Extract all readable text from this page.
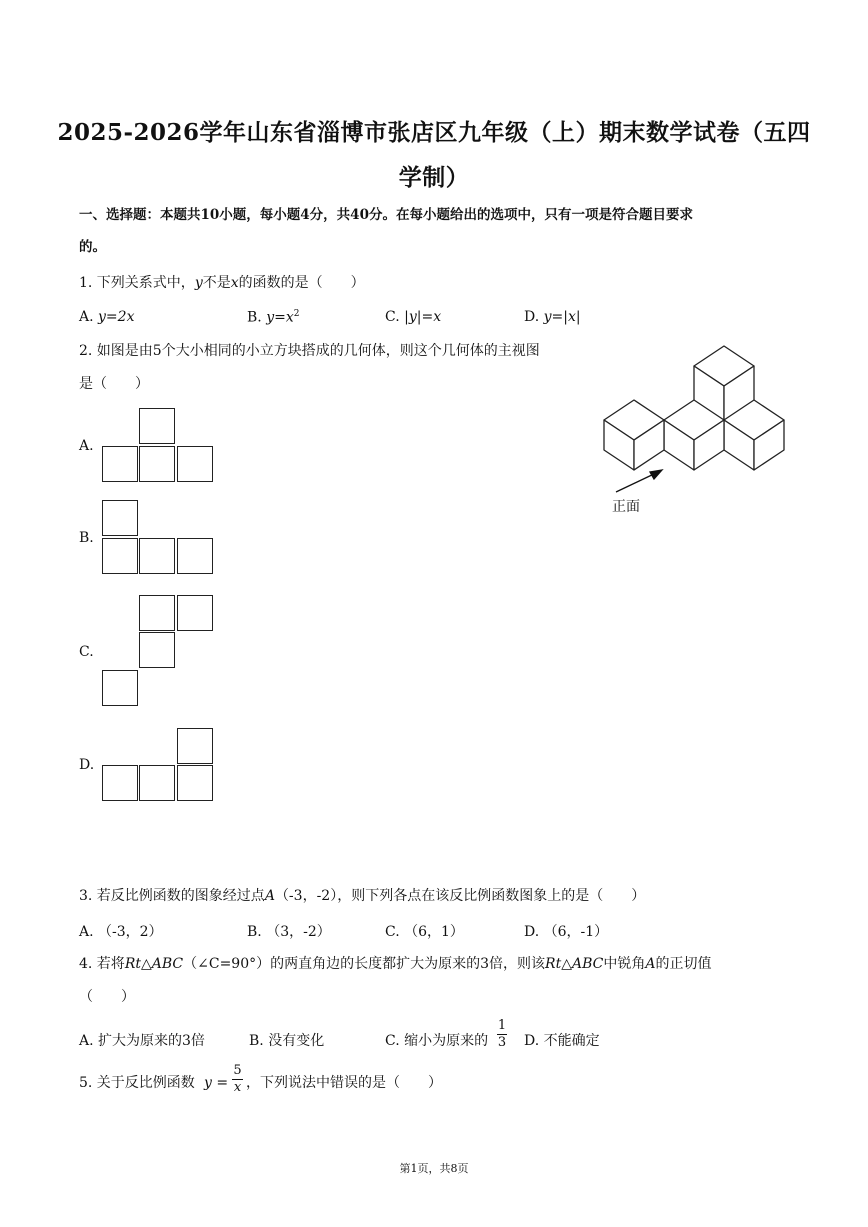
2025-2026学年山东省淄博市张店区九年级（上）期末数学试卷（五四
学制）
一、选择题：本题共10小题，每小题4分，共40分。在每小题给出的选项中，只有一项是符合题目要求
的。
1. 下列关系式中，y不是x的函数的是（　　）
A. y=2x	B. $y=x^2$	C. |y|=x	D. y=|x|
2. 如图是由5个大小相同的小立方块搭成的几何体，则这个几何体的主视图
是（　　）
正面
A.
B.
C.
D.
3. 若反比例函数的图象经过点A（-3，-2），则下列各点在该反比例函数图象上的是（　　）
A. （-3，2）	B. （3，-2）	C. （6，1）	D. （6，-1）
4. 若将Rt△ABC（∠C=90°）的两直角边的长度都扩大为原来的3倍，则该Rt△ABC中锐角A的正切值
（　　）
A. 扩大为原来的3倍	B. 没有变化	C. 缩小为原来的
1
3 D. 不能确定
5. 关于反比例函数 y =
5
x ，下列说法中错误的是（　　）
第1页，共8页
